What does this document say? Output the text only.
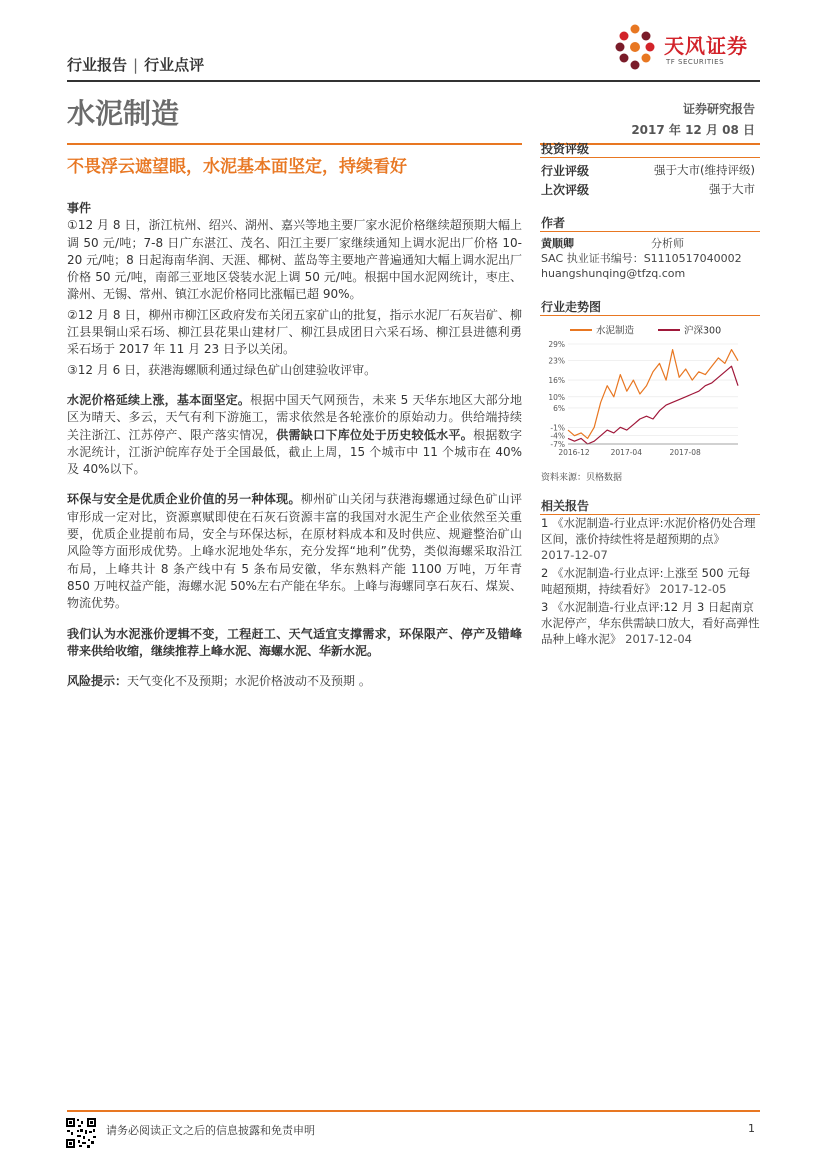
行业报告 | 行业点评
天风证券
TF SECURITIES
水泥制造	证券研究报告
2017 年 12 月 08 日
不畏浮云遮望眼，水泥基本面坚定，持续看好
事件
①12 月 8 日，浙江杭州、绍兴、湖州、嘉兴等地主要厂家水泥价格继续超预期大幅上调 50 元/吨；7-8 日广东湛江、茂名、阳江主要厂家继续通知上调水泥出厂价格 10-20 元/吨；8 日起海南华润、天涯、椰树、蓝岛等主要地产普遍通知大幅上调水泥出厂价格 50 元/吨，南部三亚地区袋装水泥上调 50 元/吨。根据中国水泥网统计，枣庄、滁州、无锡、常州、镇江水泥价格同比涨幅已超 90%。
②12 月 8 日，柳州市柳江区政府发布关闭五家矿山的批复，指示水泥厂石灰岩矿、柳江县果铜山采石场、柳江县花果山建材厂、柳江县成团日六采石场、柳江县进德利勇采石场于 2017 年 11 月 23 日予以关闭。
③12 月 6 日，获港海螺顺利通过绿色矿山创建验收评审。
水泥价格延续上涨，基本面坚定。根据中国天气网预告，未来 5 天华东地区大部分地区为晴天、多云，天气有利下游施工，需求依然是各轮涨价的原始动力。供给端持续关注浙江、江苏停产、限产落实情况，供需缺口下库位处于历史较低水平。根据数字水泥统计，江浙沪皖库存处于全国最低，截止上周，15 个城市中 11 个城市在 40%及 40%以下。
环保与安全是优质企业价值的另一种体现。柳州矿山关闭与获港海螺通过绿色矿山评审形成一定对比，资源禀赋即使在石灰石资源丰富的我国对水泥生产企业依然至关重要，优质企业提前布局，安全与环保达标，在原材料成本和及时供应、规避整治矿山风险等方面形成优势。上峰水泥地处华东，充分发挥“地利”优势，类似海螺采取沿江布局，上峰共计 8 条产线中有 5 条布局安徽，华东熟料产能 1100 万吨，万年青 850 万吨权益产能，海螺水泥 50%左右产能在华东。上峰与海螺同享石灰石、煤炭、物流优势。
我们认为水泥涨价逻辑不变，工程赶工、天气适宜支撑需求，环保限产、停产及错峰带来供给收缩，继续推荐上峰水泥、海螺水泥、华新水泥。
风险提示：天气变化不及预期；水泥价格波动不及预期 。
投资评级
行业评级	强于大市(维持评级)
上次评级	强于大市
作者
黄顺卿	分析师
SAC 执业证书编号：S1110517040002
huangshunqing@tfzq.com
行业走势图
水泥制造	沪深300
29%
23%
16%
10%
6%
-1%
-4%
-7%
2016-12	2017-04	2017-08
资料来源：贝格数据
相关报告
1 《水泥制造-行业点评:水泥价格仍处合理区间，涨价持续性将是超预期的点》 2017-12-07
2 《水泥制造-行业点评:上涨至 500 元每吨超预期，持续看好》 2017-12-05
3 《水泥制造-行业点评:12 月 3 日起南京水泥停产，华东供需缺口放大，看好高弹性品种上峰水泥》 2017-12-04
请务必阅读正文之后的信息披露和免责申明	1
